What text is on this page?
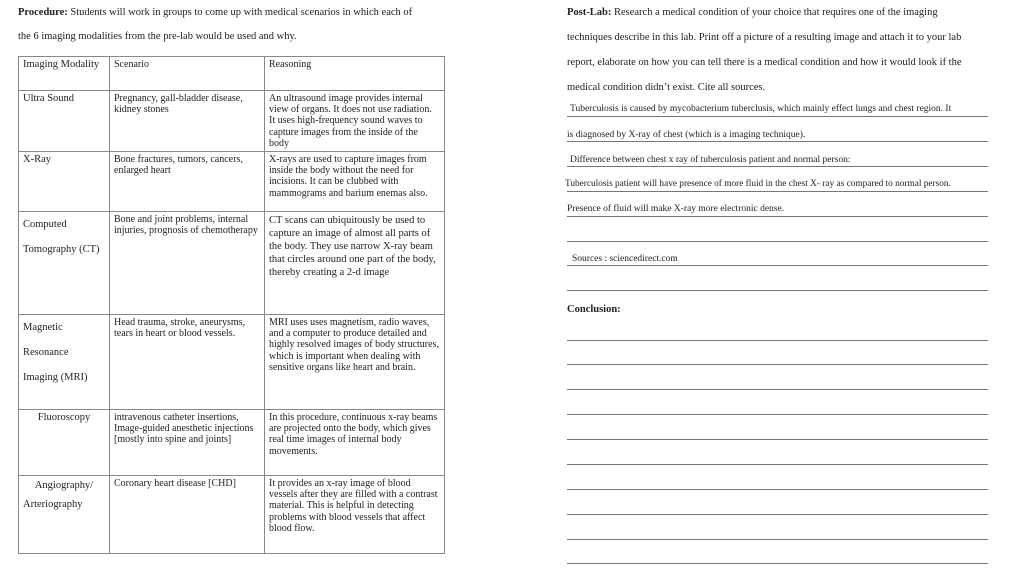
Procedure: Students will work in groups to come up with medical scenarios in which each of
the 6 imaging modalities from the pre-lab would be used and why.
Imaging Modality	Scenario	Reasoning

Ultra Sound	Pregnancy, gall-bladder disease, kidney stones	An ultrasound image provides internal view of organs. It does not use radiation. It uses high-frequency sound waves to capture images from the inside of the body

X-Ray	Bone fractures, tumors, cancers, enlarged heart	X-rays are used to capture images from inside the body without the need for incisions. It can be clubbed with mammograms and barium enemas also.

Computed
Tomography (CT)	Bone and joint problems, internal injuries, prognosis of chemotherapy	CT scans can ubiquitously be used to capture an image of almost all parts of the body. They use narrow X-ray beam that circles around one part of the body, thereby creating a 2-d image

Magnetic
Resonance
Imaging (MRI)	Head trauma, stroke, aneurysms, tears in heart or blood vessels.	MRI uses uses magnetism, radio waves, and a computer to produce detailed and highly resolved images of body structures, which is important when dealing with sensitive organs like heart and brain.

Fluoroscopy	intravenous catheter insertions, Image-guided anesthetic injections [mostly into spine and joints]	In this procedure, continuous x-ray beams are projected onto the body, which gives real time images of internal body movements.

Angiography/
Arteriography	Coronary heart disease [CHD]	It provides an x-ray image of blood vessels after they are filled with a contrast material. This is helpful in detecting problems with blood vessels that affect blood flow.
Post-Lab: Research a medical condition of your choice that requires one of the imaging
techniques describe in this lab. Print off a picture of a resulting image and attach it to your lab
report, elaborate on how you can tell there is a medical condition and how it would look if the
medical condition didn’t exist. Cite all sources.
Tuberculosis is caused by mycobacterium tuberclusis, which mainly effect lungs and chest region. It
is diagnosed by X-ray of chest (which is a imaging technique).
Difference between chest x ray of tuberculosis patient and normal person:
Tuberculosis patient will have presence of more fluid in the chest X- ray as compared to normal person.
Presence of fluid will make X-ray more electronic dense.
Sources : sciencedirect.com
Conclusion:
